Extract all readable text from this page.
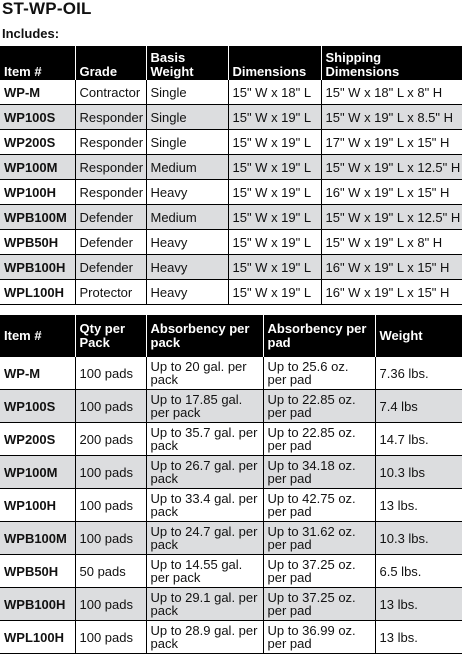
ST-WP-OIL
Includes:
Item #	Grade	Basis Weight	Dimensions	Shipping Dimensions
WP-M	Contractor	Single	15" W x 18" L	15" W x 18" L x 8" H
WP100S	Responder	Single	15" W x 19" L	15" W x 19" L x 8.5" H
WP200S	Responder	Single	15" W x 19" L	17" W x 19" L x 15" H
WP100M	Responder	Medium	15" W x 19" L	15" W x 19" L x 12.5" H
WP100H	Responder	Heavy	15" W x 19" L	16" W x 19" L x 15" H
WPB100M	Defender	Medium	15" W x 19" L	15" W x 19" L x 12.5" H
WPB50H	Defender	Heavy	15" W x 19" L	15" W x 19" L x 8" H
WPB100H	Defender	Heavy	15" W x 19" L	16" W x 19" L x 15" H
WPL100H	Protector	Heavy	15" W x 19" L	16" W x 19" L x 15" H
Item #	Qty per Pack	Absorbency per pack	Absorbency per pad	Weight
WP-M	100 pads	Up to 20 gal. per pack	Up to 25.6 oz. per pad	7.36 lbs.
WP100S	100 pads	Up to 17.85 gal. per pack	Up to 22.85 oz. per pad	7.4 lbs
WP200S	200 pads	Up to 35.7 gal. per pack	Up to 22.85 oz. per pad	14.7 lbs.
WP100M	100 pads	Up to 26.7 gal. per pack	Up to 34.18 oz. per pad	10.3 lbs
WP100H	100 pads	Up to 33.4 gal. per pack	Up to 42.75 oz. per pad	13 lbs.
WPB100M	100 pads	Up to 24.7 gal. per pack	Up to 31.62 oz. per pad	10.3 lbs.
WPB50H	50 pads	Up to 14.55 gal. per pack	Up to 37.25 oz. per pad	6.5 lbs.
WPB100H	100 pads	Up to 29.1 gal. per pack	Up to 37.25 oz. per pad	13 lbs.
WPL100H	100 pads	Up to 28.9 gal. per pack	Up to 36.99 oz. per pad	13 lbs.
